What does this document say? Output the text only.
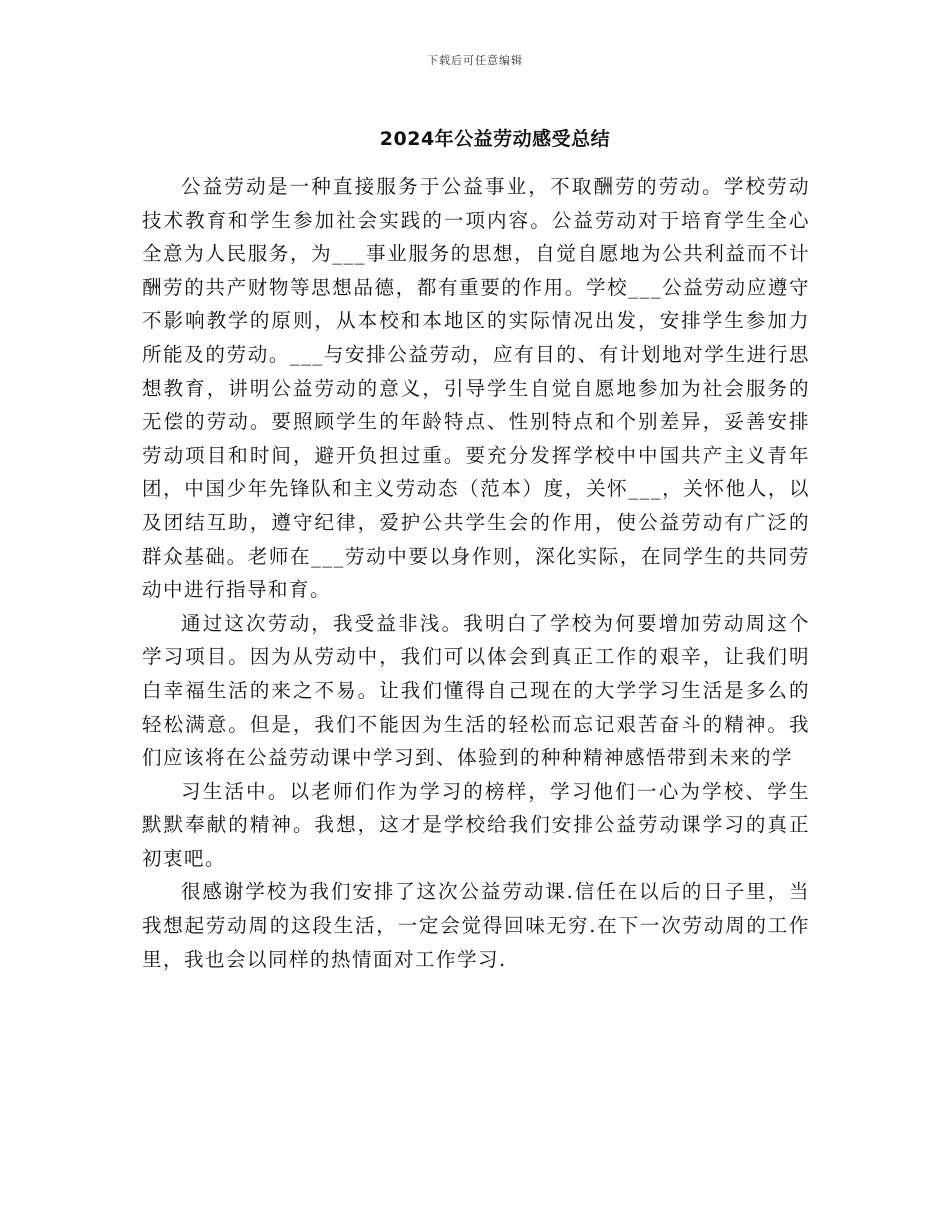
下载后可任意编辑
2024年公益劳动感受总结

公益劳动是一种直接服务于公益事业，不取酬劳的劳动。学校劳动技术教育和学生参加社会实践的一项内容。公益劳动对于培育学生全心全意为人民服务，为___事业服务的思想，自觉自愿地为公共利益而不计酬劳的共产财物等思想品德，都有重要的作用。学校___公益劳动应遵守不影响教学的原则，从本校和本地区的实际情况出发，安排学生参加力所能及的劳动。___与安排公益劳动，应有目的、有计划地对学生进行思想教育，讲明公益劳动的意义，引导学生自觉自愿地参加为社会服务的无偿的劳动。要照顾学生的年龄特点、性别特点和个别差异，妥善安排劳动项目和时间，避开负担过重。要充分发挥学校中中国共产主义青年团，中国少年先锋队和主义劳动态（范本）度，关怀___，关怀他人，以及团结互助，遵守纪律，爱护公共学生会的作用，使公益劳动有广泛的群众基础。老师在___劳动中要以身作则，深化实际，在同学生的共同劳动中进行指导和育。

通过这次劳动，我受益非浅。我明白了学校为何要增加劳动周这个学习项目。因为从劳动中，我们可以体会到真正工作的艰辛，让我们明白幸福生活的来之不易。让我们懂得自己现在的大学学习生活是多么的轻松满意。但是，我们不能因为生活的轻松而忘记艰苦奋斗的精神。我们应该将在公益劳动课中学习到、体验到的种种精神感悟带到未来的学

习生活中。以老师们作为学习的榜样，学习他们一心为学校、学生默默奉献的精神。我想，这才是学校给我们安排公益劳动课学习的真正初衷吧。

很感谢学校为我们安排了这次公益劳动课.信任在以后的日子里，当我想起劳动周的这段生活，一定会觉得回味无穷.在下一次劳动周的工作里，我也会以同样的热情面对工作学习.
